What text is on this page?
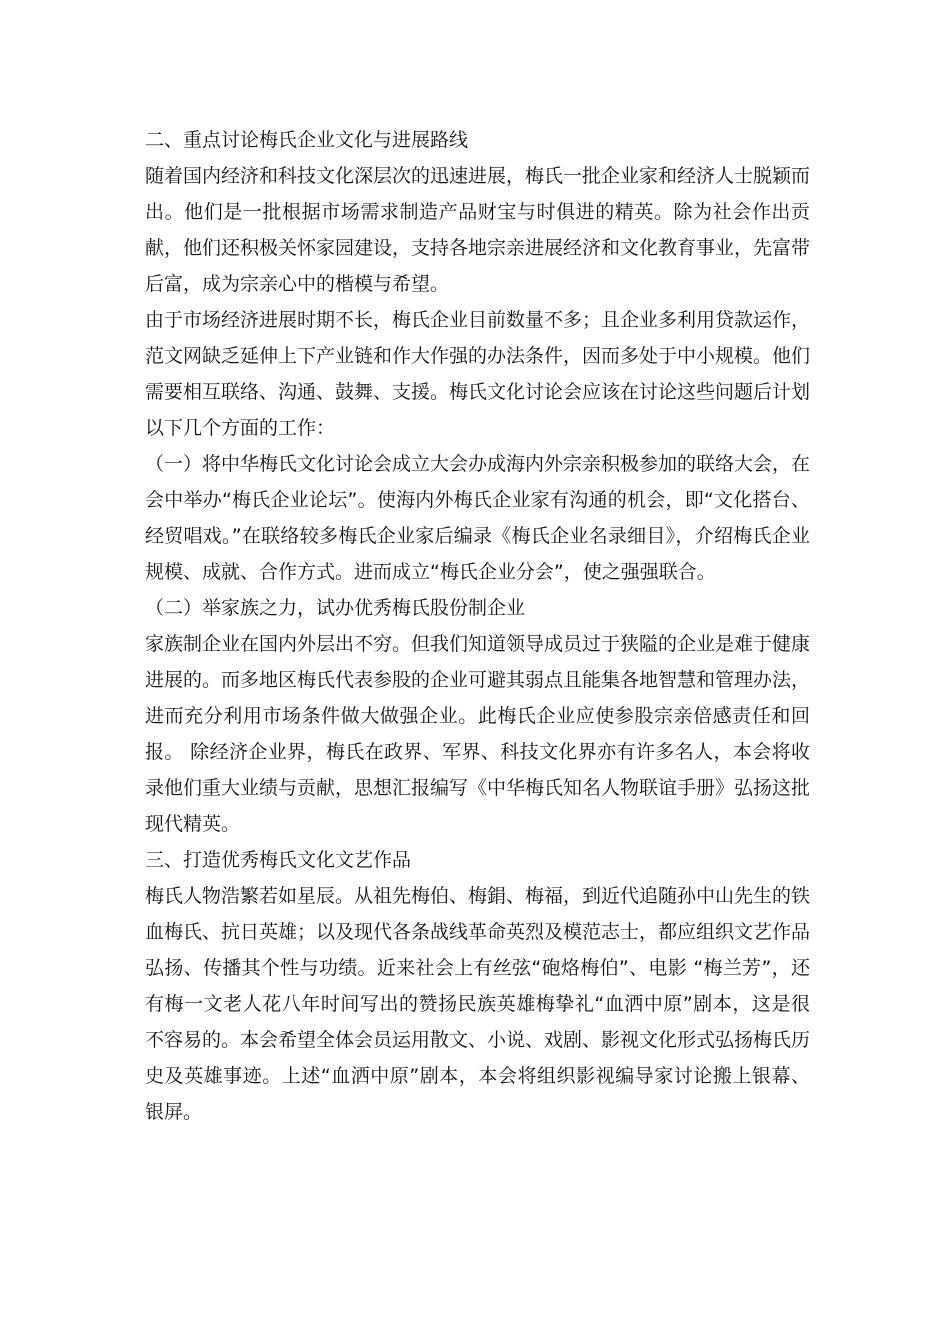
二、重点讨论梅氏企业文化与进展路线

随着国内经济和科技文化深层次的迅速进展，梅氏一批企业家和经济人士脱颖而出。他们是一批根据市场需求制造产品财宝与时俱进的精英。除为社会作出贡献，他们还积极关怀家园建设，支持各地宗亲进展经济和文化教育事业，先富带后富，成为宗亲心中的楷模与希望。

由于市场经济进展时期不长，梅氏企业目前数量不多；且企业多利用贷款运作，范文网缺乏延伸上下产业链和作大作强的办法条件，因而多处于中小规模。他们需要相互联络、沟通、鼓舞、支援。梅氏文化讨论会应该在讨论这些问题后计划以下几个方面的工作：

（一）将中华梅氏文化讨论会成立大会办成海内外宗亲积极参加的联络大会，在会中举办“梅氏企业论坛”。使海内外梅氏企业家有沟通的机会，即“文化搭台、经贸唱戏。”在联络较多梅氏企业家后编录《梅氏企业名录细目》，介绍梅氏企业规模、成就、合作方式。进而成立“梅氏企业分会”，使之强强联合。

（二）举家族之力，试办优秀梅氏股份制企业

家族制企业在国内外层出不穷。但我们知道领导成员过于狭隘的企业是难于健康进展的。而多地区梅氏代表参股的企业可避其弱点且能集各地智慧和管理办法，进而充分利用市场条件做大做强企业。此梅氏企业应使参股宗亲倍感责任和回报。 除经济企业界，梅氏在政界、军界、科技文化界亦有许多名人，本会将收录他们重大业绩与贡献，思想汇报编写《中华梅氏知名人物联谊手册》弘扬这批现代精英。

三、打造优秀梅氏文化文艺作品

梅氏人物浩繁若如星辰。从祖先梅伯、梅鋗、梅福，到近代追随孙中山先生的铁血梅氏、抗日英雄；以及现代各条战线革命英烈及模范志士，都应组织文艺作品弘扬、传播其个性与功绩。近来社会上有丝弦“砲烙梅伯”、电影 “梅兰芳”，还有梅一文老人花八年时间写出的赞扬民族英雄梅挚礼“血洒中原”剧本，这是很不容易的。本会希望全体会员运用散文、小说、戏剧、影视文化形式弘扬梅氏历史及英雄事迹。上述“血洒中原”剧本，本会将组织影视编导家讨论搬上银幕、银屏。
